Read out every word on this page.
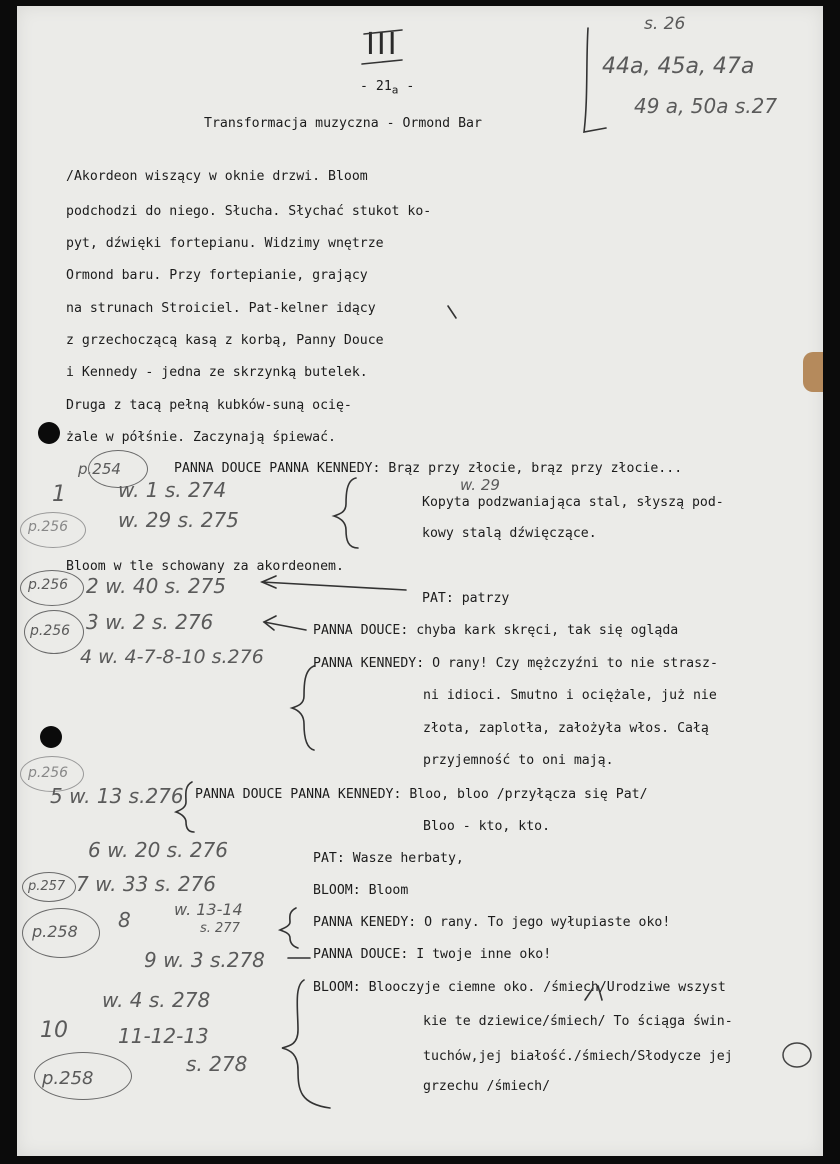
III
- $21_a$ -
Transformacja muzyczna - Ormond Bar
s. 26
44a, 45a, 47a
49 a, 50a s.27
/Akordeon wiszący w oknie drzwi. Bloom
podchodzi do niego. Słucha. Słychać stukot ko-
pyt, dźwięki fortepianu. Widzimy wnętrze
Ormond baru. Przy fortepianie, grający
na strunach Stroiciel. Pat-kelner idący
z grzechoczącą kasą z korbą, Panny Douce
i Kennedy - jedna ze skrzynką butelek.
Druga z tacą pełną kubków-suną ocię-
żale w półśnie. Zaczynają śpiewać.
PANNA DOUCE PANNA KENNEDY: Brąz przy złocie, brąz przy złocie...
w. 29
Kopyta podzwaniająca stal, słyszą pod-
kowy stalą dźwięczące.
Bloom w tle schowany za akordeonem.
PAT: patrzy
PANNA DOUCE: chyba kark skręci, tak się ogląda
PANNA KENNEDY: O rany! Czy mężczyźni to nie strasz-
ni idioci. Smutno i ociężale, już nie
złota, zaplotła, założyła włos. Całą
przyjemność to oni mają.
PANNA DOUCE PANNA KENNEDY: Bloo, bloo /przyłącza się Pat/
Bloo - kto, kto.
PAT: Wasze herbaty,
BLOOM: Bloom
PANNA KENEDY: O rany. To jego wyłupiaste oko!
PANNA DOUCE: I twoje inne oko!
BLOOM: Blooczyje ciemne oko. /śmiech/Urodziwe wszyst
kie te dziewice/śmiech/ To ściąga świn-
tuchów,jej białość./śmiech/Słodycze jej
grzechu /śmiech/
p.254
1	w. 1 s. 274
p.256 w. 29 s. 275
p.256 2 w. 40 s. 275
p.256 3 w. 2 s. 276
4 w. 4-7-8-10 s.276
p.256
5 w. 13 s.276
6 w. 20 s. 276
p.257 7 w. 33 s. 276
p.258 8	w. 13-14
s. 277
9 w. 3 s.278
10
w. 4 s. 278
11-12-13
s. 278
p.258
